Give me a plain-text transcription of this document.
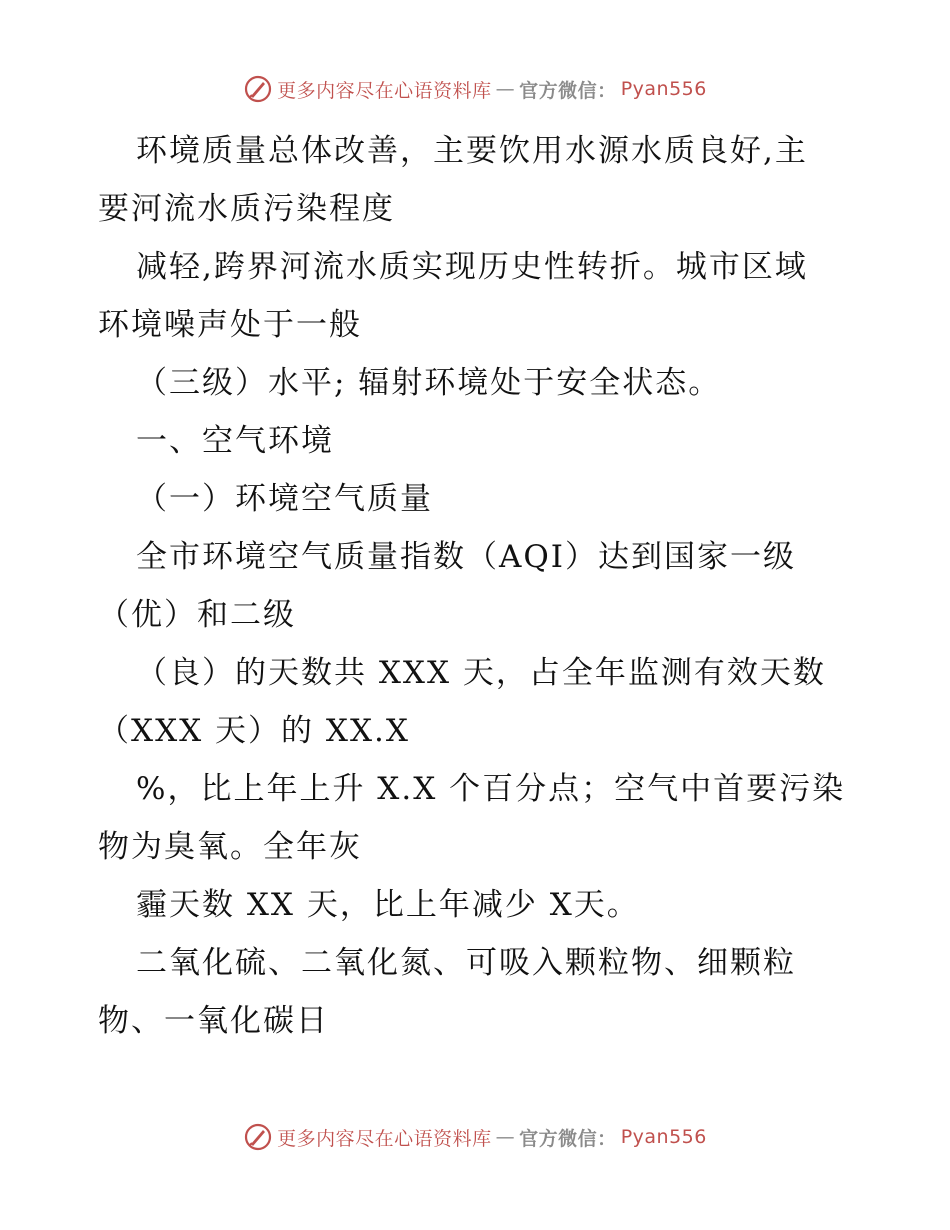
更多内容尽在心语资料库 — 官方微信： Pyan556
环境质量总体改善，主要饮用水源水质良好,主
要河流水质污染程度
减轻,跨界河流水质实现历史性转折。城市区域
环境噪声处于一般
（三级）水平; 辐射环境处于安全状态。
一、空气环境
（一）环境空气质量
全市环境空气质量指数（AQI）达到国家一级
（优）和二级
（良）的天数共 XXX 天，占全年监测有效天数
（XXX 天）的 XX.X
%，比上年上升 X.X 个百分点；空气中首要污染
物为臭氧。全年灰
霾天数 XX 天，比上年减少 X天。
二氧化硫、二氧化氮、可吸入颗粒物、细颗粒
物、一氧化碳日
更多内容尽在心语资料库 — 官方微信： Pyan556
